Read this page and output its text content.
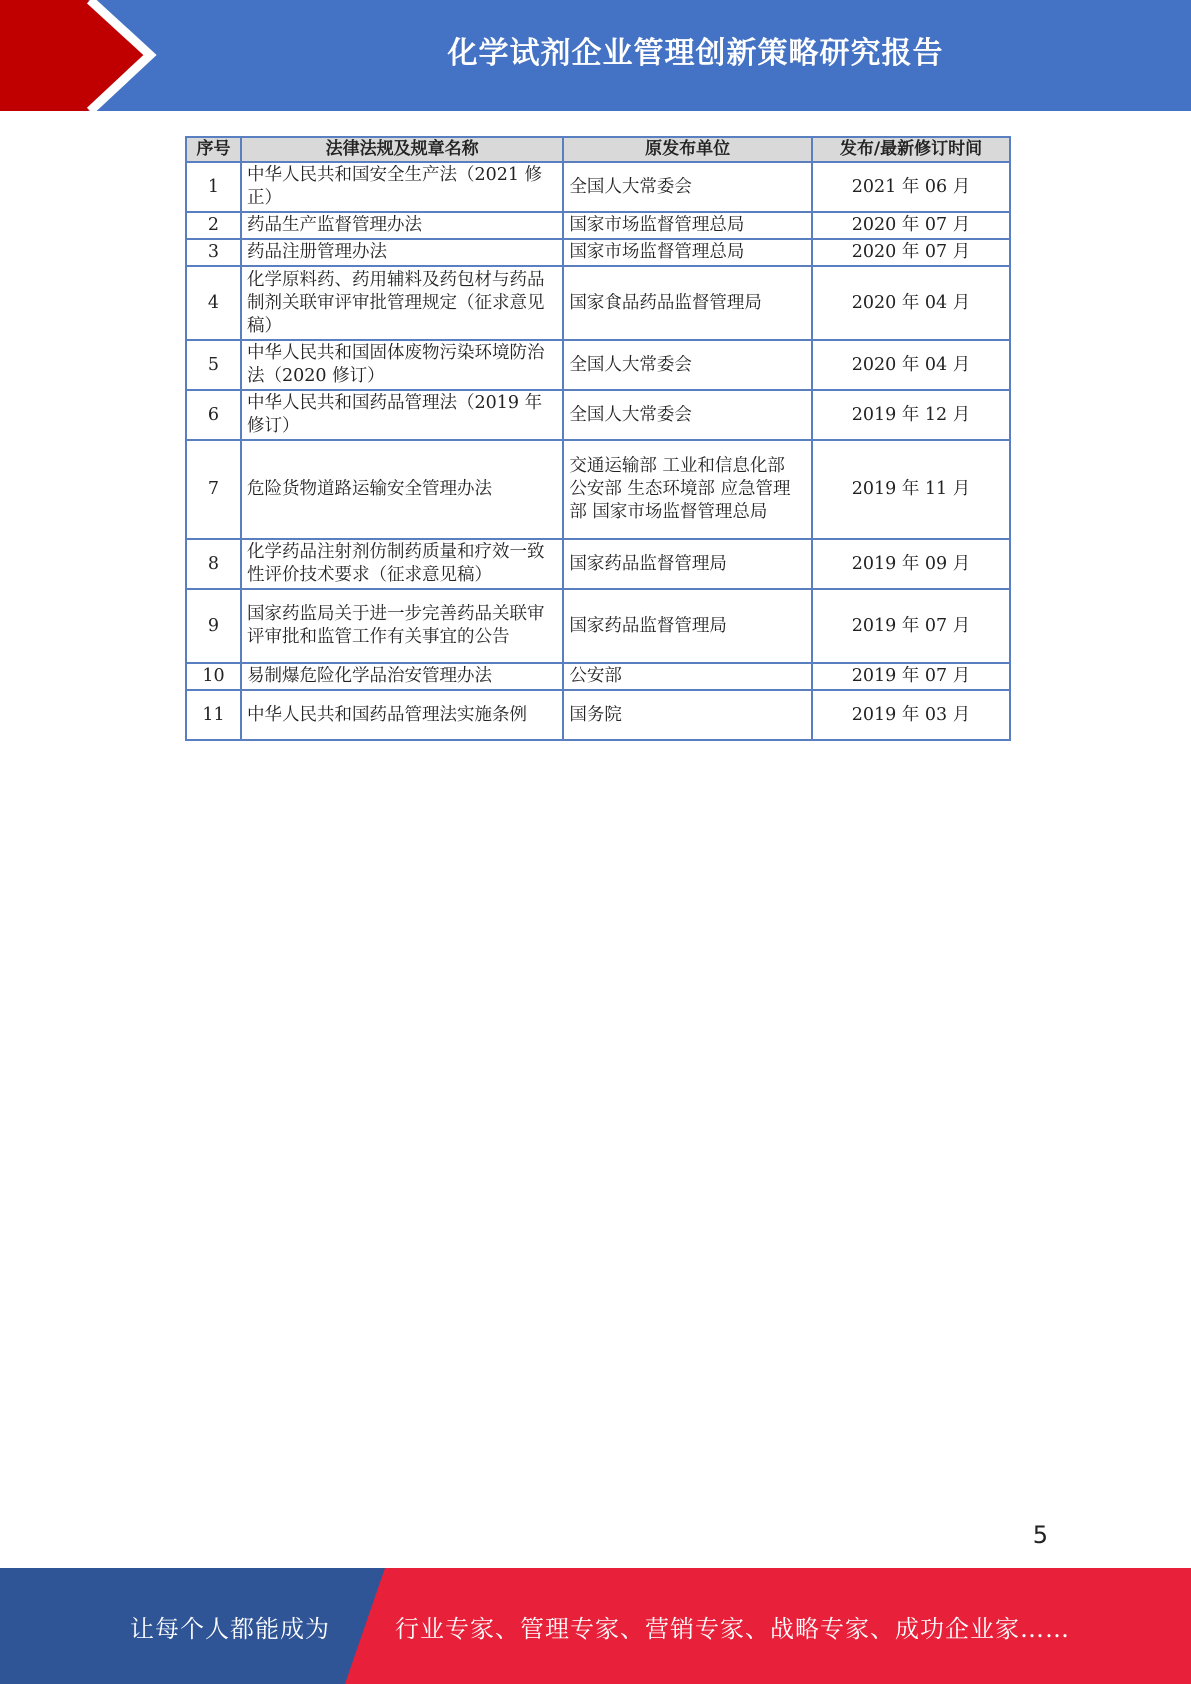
化学试剂企业管理创新策略研究报告
序号	法律法规及规章名称	原发布单位	发布/最新修订时间
1	中华人民共和国安全生产法（2021 修正）	全国人大常委会	2021 年 06 月
2	药品生产监督管理办法	国家市场监督管理总局	2020 年 07 月
3	药品注册管理办法	国家市场监督管理总局	2020 年 07 月
4	化学原料药、药用辅料及药包材与药品制剂关联审评审批管理规定（征求意见稿）	国家食品药品监督管理局	2020 年 04 月
5	中华人民共和国固体废物污染环境防治法（2020 修订）	全国人大常委会	2020 年 04 月
6	中华人民共和国药品管理法（2019 年修订）	全国人大常委会	2019 年 12 月
7	危险货物道路运输安全管理办法	交通运输部 工业和信息化部 公安部 生态环境部 应急管理部 国家市场监督管理总局	2019 年 11 月
8	化学药品注射剂仿制药质量和疗效一致性评价技术要求（征求意见稿）	国家药品监督管理局	2019 年 09 月
9	国家药监局关于进一步完善药品关联审评审批和监管工作有关事宜的公告	国家药品监督管理局	2019 年 07 月
10	易制爆危险化学品治安管理办法	公安部	2019 年 07 月
11	中华人民共和国药品管理法实施条例	国务院	2019 年 03 月
5
让每个人都能成为	行业专家、管理专家、营销专家、战略专家、成功企业家……
